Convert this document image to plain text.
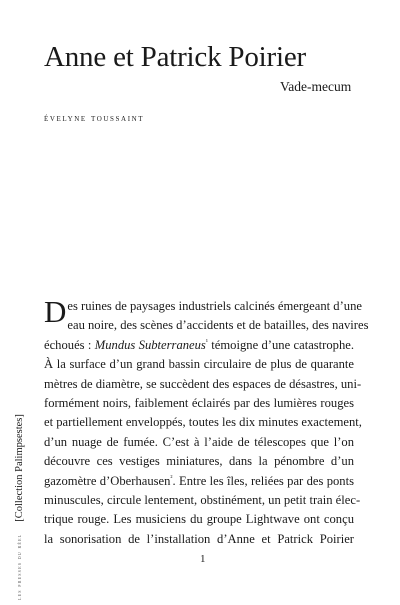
Anne et Patrick Poirier
Vade-mecum
évelyne toussaint
D es ruines de paysages industriels calcinés émergeant d’une
eau noire, des scènes d’accidents et de batailles, des navires
échoués : Mundus Subterraneus$^{^1}$ témoigne d’une catastrophe.
À la surface d’un grand bassin circulaire de plus de quarante
mètres de diamètre, se succèdent des espaces de désastres, uni-
formément noirs, faiblement éclairés par des lumières rouges
et partiellement enveloppés, toutes les dix minutes exactement,
d’un nuage de fumée. C’est à l’aide de télescopes que l’on
découvre ces vestiges miniatures, dans la pénombre d’un
gazomètre d’Oberhausen$^{^2}$. Entre les îles, reliées par des ponts
minuscules, circule lentement, obstinément, un petit train élec-
trique rouge. Les musiciens du groupe Lightwave ont conçu
la sonorisation de l’installation d’Anne et Patrick Poirier
1
les presses du réel[Collection Palimpsestes]
